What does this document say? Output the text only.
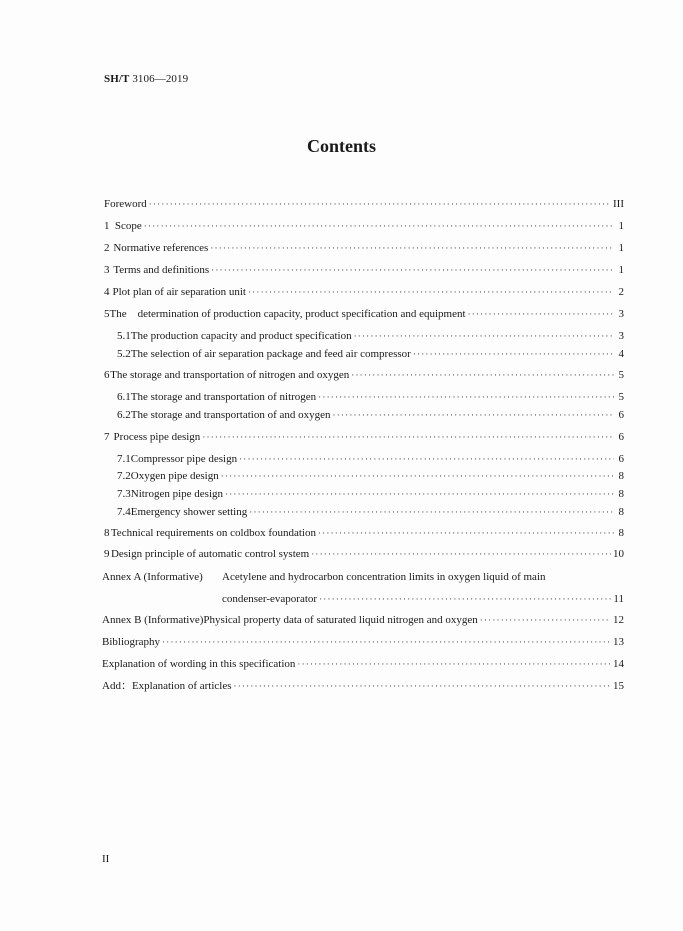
SH/T 3106—2019
Contents
Foreword ·····	III
1 Scope ·····	1
2 Normative references ·····	1
3 Terms and definitions ·····	1
4 Plot plan of air separation unit ·····	2
5 The    determination of production capacity, product specification and equipment ·····	3
5.1 The production capacity and product specification ·····	3
5.2 The selection of air separation package and feed air compressor ·····	4
6 The storage and transportation of nitrogen and oxygen ·····	5
6.1 The storage and transportation of nitrogen ·····	5
6.2 The storage and transportation of and oxygen ·····	6
7 Process pipe design ·····	6
7.1 Compressor pipe design ·····	6
7.2 Oxygen pipe design ·····	8
7.3 Nitrogen pipe design ·····	8
7.4 Emergency shower setting ·····	8
8 Technical requirements on coldbox foundation ·····	8
9 Design principle of automatic control system ·····	10
Annex A (Informative) Acetylene and hydrocarbon concentration limits in oxygen liquid of main
condenser-evaporator ·····	11
Annex B (Informative) Physical property data of saturated liquid nitrogen and oxygen ·····	12
Bibliography ·····	13
Explanation of wording in this specification ·····	14
Add：Explanation of articles ·····	15
II
